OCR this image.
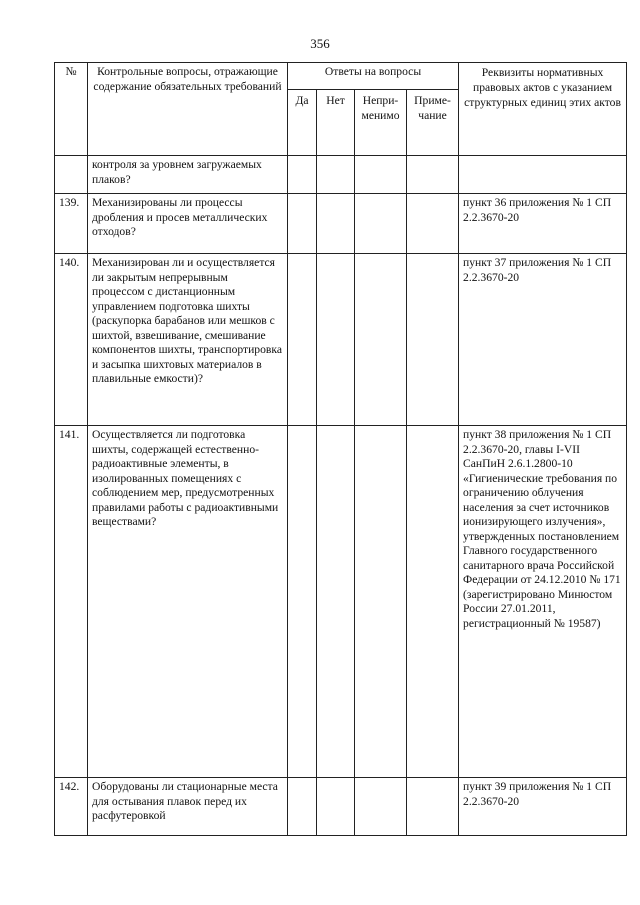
356
№	Контрольные вопросы, отражающие содержание обязательных требований	Ответы на вопросы				Реквизиты нормативных правовых актов с указанием структурных единиц этих актов
		Да	Нет	Непри-менимо	Приме-чание	
	контроля за уровнем загружаемых плаков?					
139.	Механизированы ли процессы дробления и просев металлических отходов?					пункт 36 приложения № 1 СП 2.2.3670-20
140.	Механизирован ли и осуществляется ли закрытым непрерывным процессом с дистанционным управлением подготовка шихты (раскупорка барабанов или мешков с шихтой, взвешивание, смешивание компонентов шихты, транспортировка и засыпка шихтовых материалов в плавильные емкости)?					пункт 37 приложения № 1 СП 2.2.3670-20
141.	Осуществляется ли подготовка шихты, содержащей естественно-радиоактивные элементы, в изолированных помещениях с соблюдением мер, предусмотренных правилами работы с радиоактивными веществами?					пункт 38 приложения № 1 СП 2.2.3670-20, главы I-VII СанПиН 2.6.1.2800-10 «Гигиенические требования по ограничению облучения населения за счет источников ионизирующего излучения», утвержденных постановлением Главного государственного санитарного врача Российской Федерации от 24.12.2010 № 171 (зарегистрировано Минюстом России 27.01.2011, регистрационный № 19587)
142.	Оборудованы ли стационарные места для остывания плавок перед их расфутеровкой					пункт 39 приложения № 1 СП 2.2.3670-20
